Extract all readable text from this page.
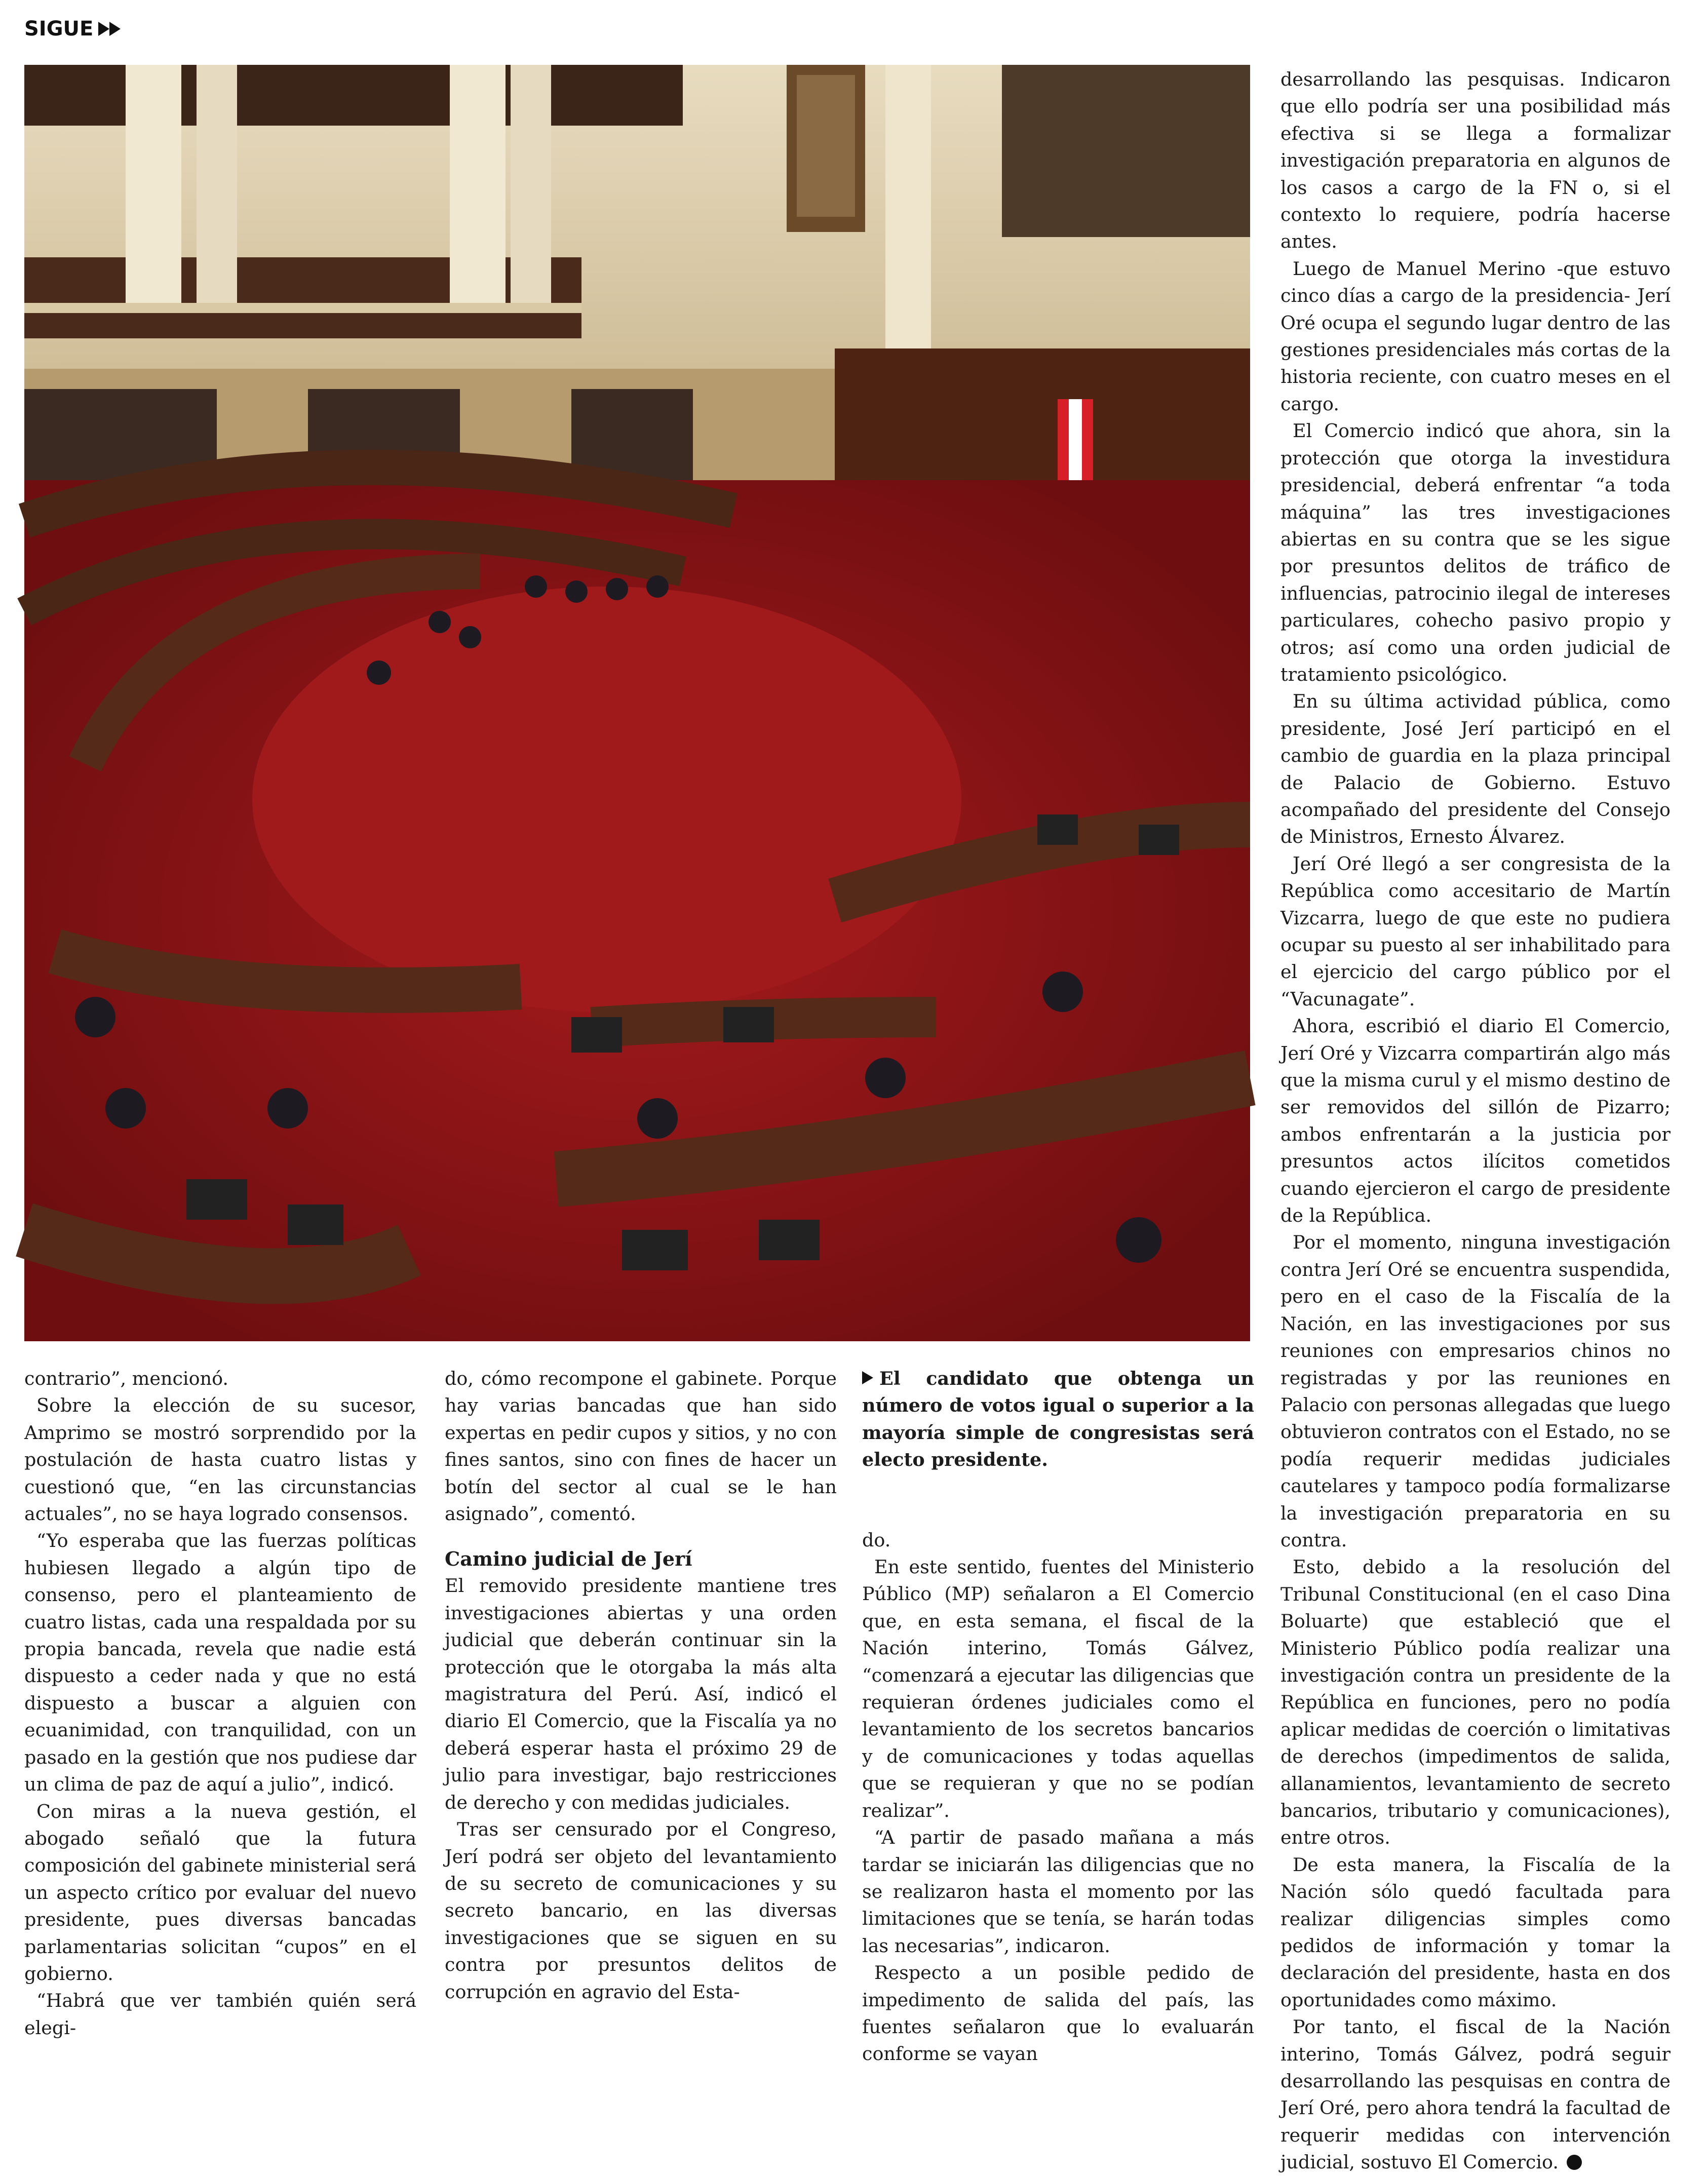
SIGUE

contrario”, mencionó.

Sobre la elección de su sucesor, Amprimo se mostró sorprendido por la postulación de hasta cuatro listas y cuestionó que, “en las circunstancias actuales”, no se haya logrado consensos.

“Yo esperaba que las fuerzas políticas hubiesen llegado a algún tipo de consenso, pero el planteamiento de cuatro listas, cada una respaldada por su propia bancada, revela que nadie está dispuesto a ceder nada y que no está dispuesto a buscar a alguien con ecuanimidad, con tranquilidad, con un pasado en la gestión que nos pudiese dar un clima de paz de aquí a julio”, indicó.

Con miras a la nueva gestión, el abogado señaló que la futura composición del gabinete ministerial será un aspecto crítico por evaluar del nuevo presidente, pues diversas bancadas parlamentarias solicitan “cupos” en el gobierno.

“Habrá que ver también quién será elegi-

do, cómo recompone el gabinete. Porque hay varias bancadas que han sido expertas en pedir cupos y sitios, y no con fines santos, sino con fines de hacer un botín del sector al cual se le han asignado”, comentó.

Camino judicial de Jerí

El removido presidente mantiene tres investigaciones abiertas y una orden judicial que deberán continuar sin la protección que le otorgaba la más alta magistratura del Perú. Así, indicó el diario El Comercio, que la Fiscalía ya no deberá esperar hasta el próximo 29 de julio para investigar, bajo restricciones de derecho y con medidas judiciales.

Tras ser censurado por el Congreso, Jerí podrá ser objeto del levantamiento de su secreto de comunicaciones y su secreto bancario, en las diversas investigaciones que se siguen en su contra por presuntos delitos de corrupción en agravio del Esta-

El candidato que obtenga un número de votos igual o superior a la mayoría simple de congresistas será electo presidente.

do.

En este sentido, fuentes del Ministerio Público (MP) señalaron a El Comercio que, en esta semana, el fiscal de la Nación interino, Tomás Gálvez, “comenzará a ejecutar las diligencias que requieran órdenes judiciales como el levantamiento de los secretos bancarios y de comunicaciones y todas aquellas que se requieran y que no se podían realizar”.

“A partir de pasado mañana a más tardar se iniciarán las diligencias que no se realizaron hasta el momento por las limitaciones que se tenía, se harán todas las necesarias”, indicaron.

Respecto a un posible pedido de impedimento de salida del país, las fuentes señalaron que lo evaluarán conforme se vayan

desarrollando las pesquisas. Indicaron que ello podría ser una posibilidad más efectiva si se llega a formalizar investigación preparatoria en algunos de los casos a cargo de la FN o, si el contexto lo requiere, podría hacerse antes.

Luego de Manuel Merino -que estuvo cinco días a cargo de la presidencia- Jerí Oré ocupa el segundo lugar dentro de las gestiones presidenciales más cortas de la historia reciente, con cuatro meses en el cargo.

El Comercio indicó que ahora, sin la protección que otorga la investidura presidencial, deberá enfrentar “a toda máquina” las tres investigaciones abiertas en su contra que se les sigue por presuntos delitos de tráfico de influencias, patrocinio ilegal de intereses particulares, cohecho pasivo propio y otros; así como una orden judicial de tratamiento psicológico.

En su última actividad pública, como presidente, José Jerí participó en el cambio de guardia en la plaza principal de Palacio de Gobierno. Estuvo acompañado del presidente del Consejo de Ministros, Ernesto Álvarez.

Jerí Oré llegó a ser congresista de la República como accesitario de Martín Vizcarra, luego de que este no pudiera ocupar su puesto al ser inhabilitado para el ejercicio del cargo público por el “Vacunagate”.

Ahora, escribió el diario El Comercio, Jerí Oré y Vizcarra compartirán algo más que la misma curul y el mismo destino de ser removidos del sillón de Pizarro; ambos enfrentarán a la justicia por presuntos actos ilícitos cometidos cuando ejercieron el cargo de presidente de la República.

Por el momento, ninguna investigación contra Jerí Oré se encuentra suspendida, pero en el caso de la Fiscalía de la Nación, en las investigaciones por sus reuniones con empresarios chinos no registradas y por las reuniones en Palacio con personas allegadas que luego obtuvieron contratos con el Estado, no se podía requerir medidas judiciales cautelares y tampoco podía formalizarse la investigación preparatoria en su contra.

Esto, debido a la resolución del Tribunal Constitucional (en el caso Dina Boluarte) que estableció que el Ministerio Público podía realizar una investigación contra un presidente de la República en funciones, pero no podía aplicar medidas de coerción o limitativas de derechos (impedimentos de salida, allanamientos, levantamiento de secreto bancarios, tributario y comunicaciones), entre otros.

De esta manera, la Fiscalía de la Nación sólo quedó facultada para realizar diligencias simples como pedidos de información y tomar la declaración del presidente, hasta en dos oportunidades como máximo.

Por tanto, el fiscal de la Nación interino, Tomás Gálvez, podrá seguir desarrollando las pesquisas en contra de Jerí Oré, pero ahora tendrá la facultad de requerir medidas con intervención judicial, sostuvo El Comercio.
